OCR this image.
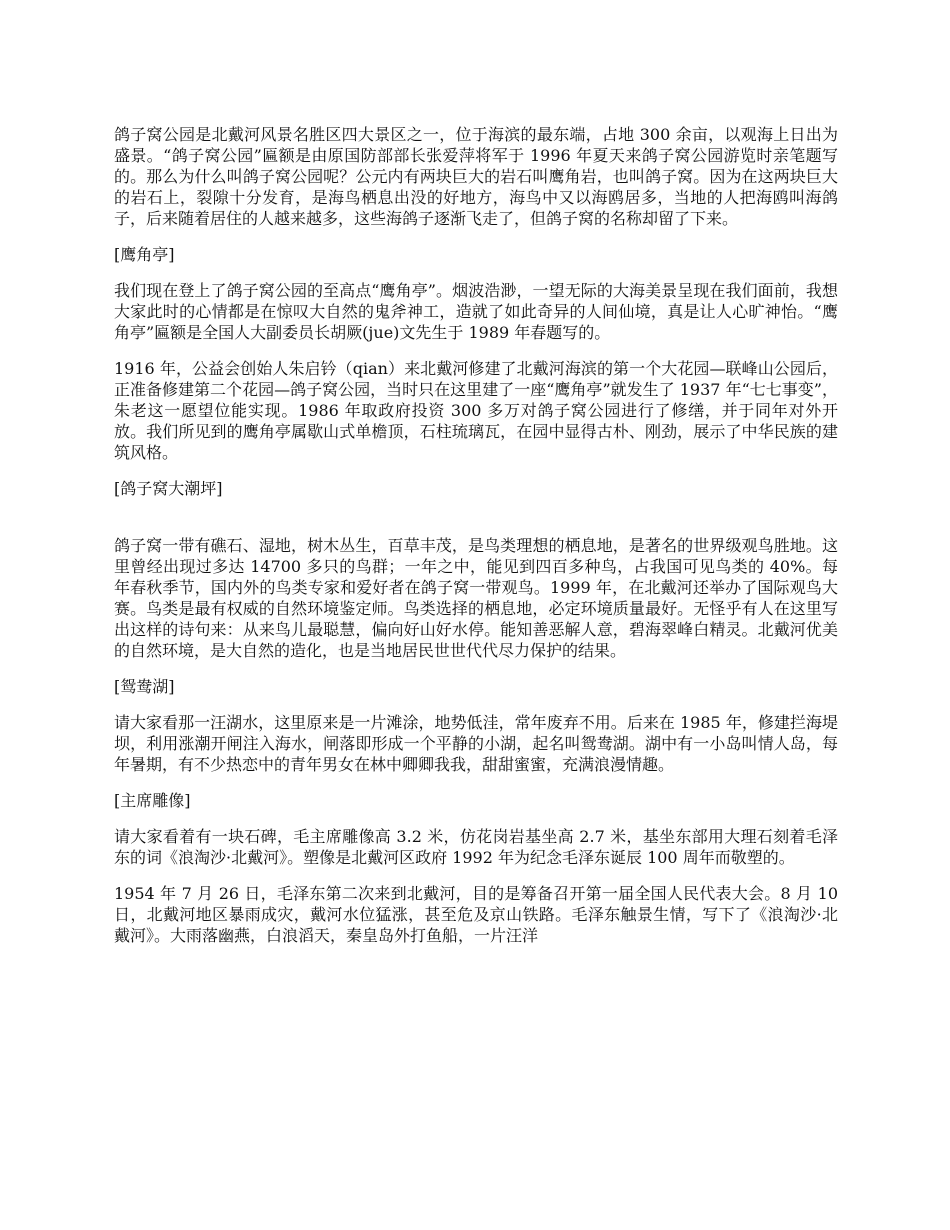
鸽子窝公园是北戴河风景名胜区四大景区之一，位于海滨的最东端，占地 300 余亩，以观海上日出为盛景。“鸽子窝公园”匾额是由原国防部部长张爱萍将军于 1996 年夏天来鸽子窝公园游览时亲笔题写的。那么为什么叫鸽子窝公园呢？公元内有两块巨大的岩石叫鹰角岩，也叫鸽子窝。因为在这两块巨大的岩石上，裂隙十分发育，是海鸟栖息出没的好地方，海鸟中又以海鸥居多，当地的人把海鸥叫海鸽子，后来随着居住的人越来越多，这些海鸽子逐渐飞走了，但鸽子窝的名称却留了下来。

[鹰角亭]

我们现在登上了鸽子窝公园的至高点“鹰角亭”。烟波浩渺，一望无际的大海美景呈现在我们面前，我想大家此时的心情都是在惊叹大自然的鬼斧神工，造就了如此奇异的人间仙境，真是让人心旷神怡。“鹰角亭”匾额是全国人大副委员长胡厥(jue)文先生于 1989 年春题写的。

1916 年，公益会创始人朱启钤（qian）来北戴河修建了北戴河海滨的第一个大花园—联峰山公园后，正准备修建第二个花园—鸽子窝公园，当时只在这里建了一座“鹰角亭”就发生了 1937 年“七七事变”，朱老这一愿望位能实现。1986 年取政府投资 300 多万对鸽子窝公园进行了修缮，并于同年对外开放。我们所见到的鹰角亭属歇山式单檐顶，石柱琉璃瓦，在园中显得古朴、刚劲，展示了中华民族的建筑风格。

[鸽子窝大潮坪]

鸽子窝一带有礁石、湿地，树木丛生，百草丰茂，是鸟类理想的栖息地，是著名的世界级观鸟胜地。这里曾经出现过多达 14700 多只的鸟群；一年之中，能见到四百多种鸟，占我国可见鸟类的 40%。每年春秋季节，国内外的鸟类专家和爱好者在鸽子窝一带观鸟。1999 年，在北戴河还举办了国际观鸟大赛。鸟类是最有权威的自然环境鉴定师。鸟类选择的栖息地，必定环境质量最好。无怪乎有人在这里写出这样的诗句来：从来鸟儿最聪慧，偏向好山好水停。能知善恶解人意，碧海翠峰白精灵。北戴河优美的自然环境，是大自然的造化，也是当地居民世世代代尽力保护的结果。

[鸳鸯湖]

请大家看那一汪湖水，这里原来是一片滩涂，地势低洼，常年废弃不用。后来在 1985 年，修建拦海堤坝，利用涨潮开闸注入海水，闸落即形成一个平静的小湖，起名叫鸳鸯湖。湖中有一小岛叫情人岛，每年暑期，有不少热恋中的青年男女在林中卿卿我我，甜甜蜜蜜，充满浪漫情趣。

[主席雕像]

请大家看着有一块石碑，毛主席雕像高 3.2 米，仿花岗岩基坐高 2.7 米，基坐东部用大理石刻着毛泽东的词《浪淘沙·北戴河》。塑像是北戴河区政府 1992 年为纪念毛泽东诞辰 100 周年而敬塑的。

1954 年 7 月 26 日，毛泽东第二次来到北戴河，目的是筹备召开第一届全国人民代表大会。8 月 10 日，北戴河地区暴雨成灾，戴河水位猛涨，甚至危及京山铁路。毛泽东触景生情，写下了《浪淘沙·北戴河》。大雨落幽燕，白浪滔天，秦皇岛外打鱼船，一片汪洋
